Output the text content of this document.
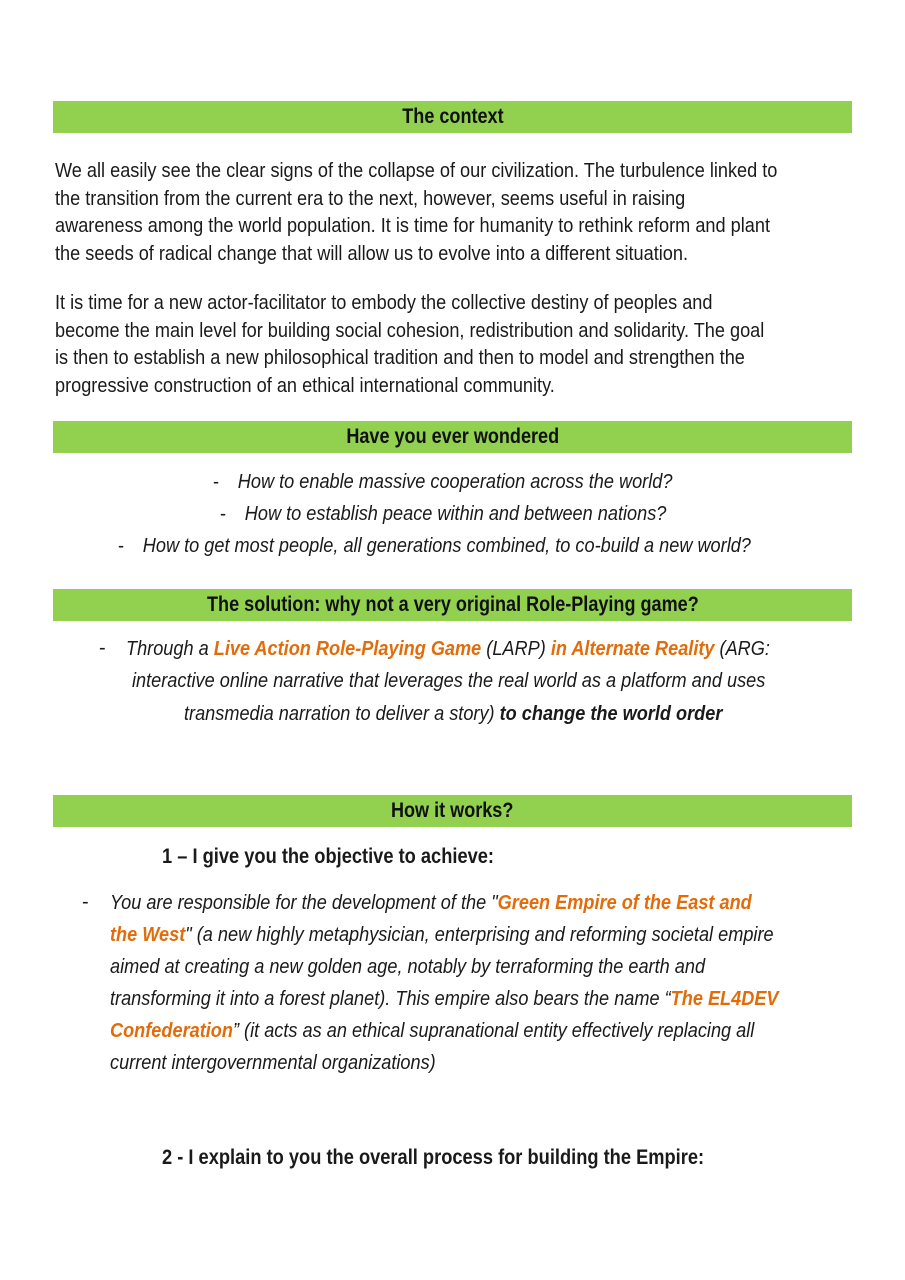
The context
We all easily see the clear signs of the collapse of our civilization. The turbulence linked to
the transition from the current era to the next, however, seems useful in raising
awareness among the world population. It is time for humanity to rethink reform and plant
the seeds of radical change that will allow us to evolve into a different situation.
It is time for a new actor-facilitator to embody the collective destiny of peoples and
become the main level for building social cohesion, redistribution and solidarity. The goal
is then to establish a new philosophical tradition and then to model and strengthen the
progressive construction of an ethical international community.
Have you ever wondered
- How to enable massive cooperation across the world?
- How to establish peace within and between nations?
- How to get most people, all generations combined, to co-build a new world?
The solution: why not a very original Role-Playing game?
- Through a Live Action Role-Playing Game (LARP) in Alternate Reality (ARG:
interactive online narrative that leverages the real world as a platform and uses
transmedia narration to deliver a story) to change the world order
How it works?
1 – I give you the objective to achieve:
- You are responsible for the development of the "Green Empire of the East and
the West" (a new highly metaphysician, enterprising and reforming societal empire
aimed at creating a new golden age, notably by terraforming the earth and
transforming it into a forest planet). This empire also bears the name “The EL4DEV
Confederation” (it acts as an ethical supranational entity effectively replacing all
current intergovernmental organizations)
2 - I explain to you the overall process for building the Empire:
